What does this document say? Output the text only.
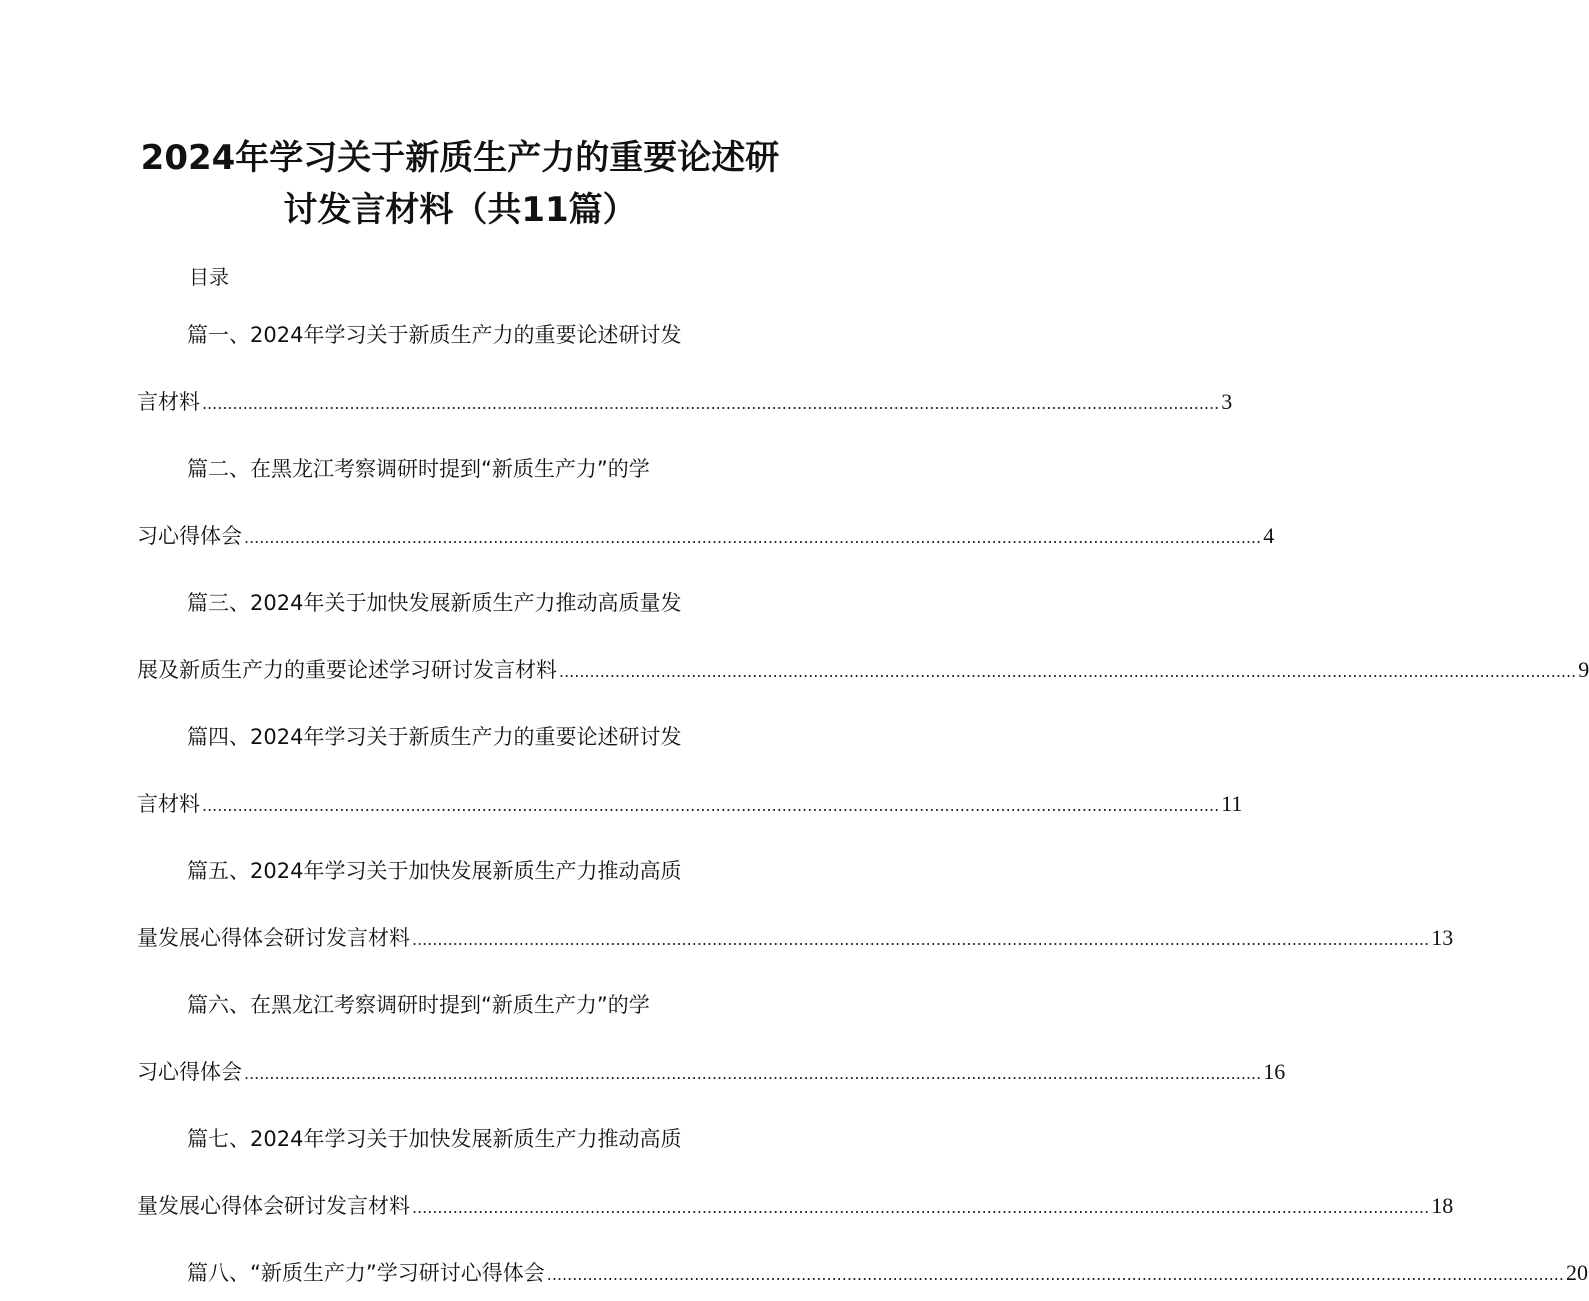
2024年学习关于新质生产力的重要论述研
讨发言材料（共11篇）
目录
篇一、2024年学习关于新质生产力的重要论述研讨发
言材料 ........................................................................................................................................................................................................ 3
篇二、在黑龙江考察调研时提到“新质生产力”的学
习心得体会 ........................................................................................................................................................................................................ 4
篇三、2024年关于加快发展新质生产力推动高质量发
展及新质生产力的重要论述学习研讨发言材料 ........................................................................................................................................................................................................ 9
篇四、2024年学习关于新质生产力的重要论述研讨发
言材料 ........................................................................................................................................................................................................ 11
篇五、2024年学习关于加快发展新质生产力推动高质
量发展心得体会研讨发言材料 ........................................................................................................................................................................................................ 13
篇六、在黑龙江考察调研时提到“新质生产力”的学
习心得体会 ........................................................................................................................................................................................................ 16
篇七、2024年学习关于加快发展新质生产力推动高质
量发展心得体会研讨发言材料 ........................................................................................................................................................................................................ 18
篇八、“新质生产力”学习研讨心得体会 ........................................................................................................................................................................................................ 20
